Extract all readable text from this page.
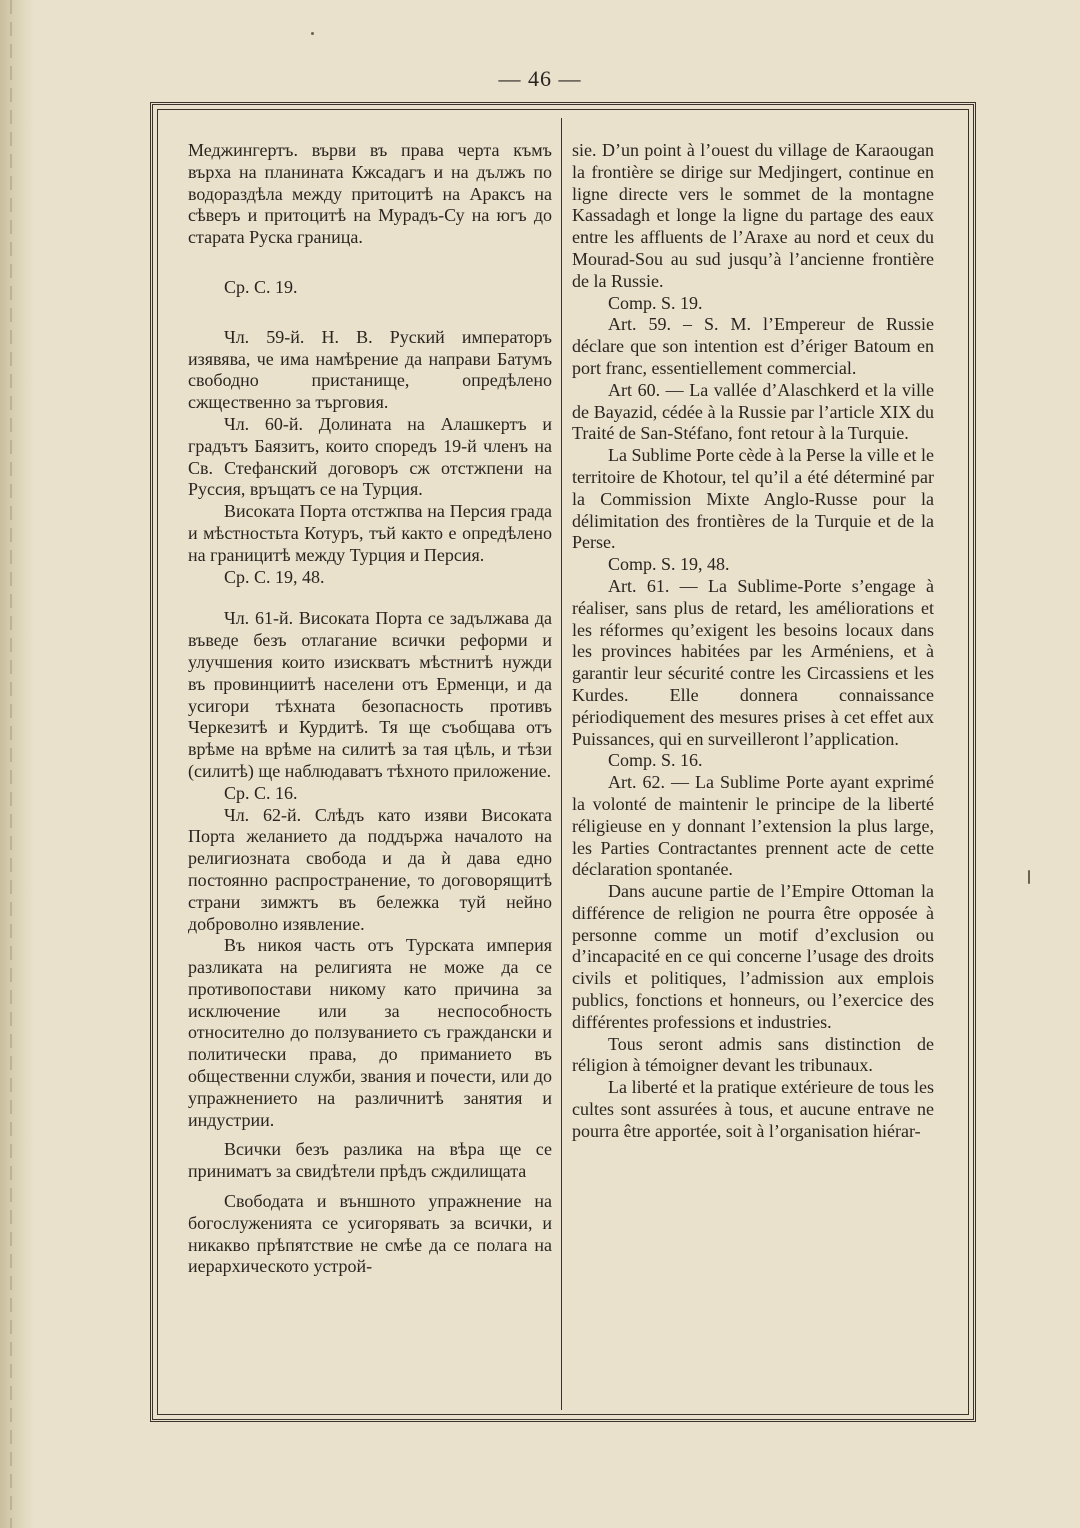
— 46 —

Меджингертъ. върви въ права черта къмъ върха на планината Кжсадагъ и на дължъ по водораздѣла между притоцитѣ на Араксъ на сѣверъ и притоцитѣ на Мурадъ-Су на югъ до старата Руска граница.

Ср. С. 19.

Чл. 59-й. Н. В. Руский императоръ изявява, че има намѣрение да направи Батумъ свободно пристанище, опредѣлено сжщественно за търговия.

Чл. 60-й. Долината на Алашкертъ и градътъ Баязитъ, които споредъ 19-й членъ на Св. Стефанский договоръ сж отстжпени на Руссия, връщатъ се на Турция.

Високата Порта отстжпва на Персия града и мѣстностьта Котуръ, тъй както е опредѣлено на границитѣ между Турция и Персия.

Ср. С. 19, 48.

Чл. 61-й. Високата Порта се задължава да въведе безъ отлагание всички реформи и улучшения които изискватъ мѣстнитѣ нужди въ провинциитѣ населени отъ Ерменци, и да усигори тѣхната безопасность противъ Черкезитѣ и Курдитѣ. Тя ще съобщава отъ врѣме на врѣме на силитѣ за тая цѣль, и тѣзи (силитѣ) ще наблюдаватъ тѣхното приложение.

Ср. С. 16.

Чл. 62-й. Слѣдъ като изяви Високата Порта желанието да поддържа началото на религиозната свобода и да ѝ дава едно постоянно распространение, то договорящитѣ страни зимжтъ въ бележка туй нейно доброволно изявление.

Въ никоя часть отъ Турската империя разликата на религията не може да се противопостави никому като причина за исключение или за неспособность относително до ползуванието съ граждански и политически права, до приманието въ общественни служби, звания и почести, или до упражнението на различнитѣ занятия и индустрии.

Всички безъ разлика на вѣра ще се приниматъ за свидѣтели прѣдъ сждилищата

Свободата и външното упражнение на богослуженията се усигорявать за всички, и никакво прѣпятствие не смѣе да се полага на иерархическото устрой-

sie. D’un point à l’ouest du village de Karaougan la frontière se dirige sur Medjingert, continue en ligne directe vers le sommet de la montagne Kassadagh et longe la ligne du partage des eaux entre les affluents de l’Araxe au nord et ceux du Mourad-Sou au sud jusqu’à l’ancienne frontière de la Russie.

Comp. S. 19.

Art. 59. – S. M. l’Empereur de Russie déclare que son intention est d’ériger Batoum en port franc, essentiellement commercial.

Art 60. — La vallée d’Alaschkerd et la ville de Bayazid, cédée à la Russie par l’article XIX du Traité de San-Stéfano, font retour à la Turquie.

La Sublime Porte cède à la Perse la ville et le territoire de Khotour, tel qu’il a été déterminé par la Commission Mixte Anglo-Russe pour la délimitation des frontières de la Turquie et de la Perse.

Comp. S. 19, 48.

Art. 61. — La Sublime-Porte s’engage à réaliser, sans plus de retard, les améliorations et les réformes qu’exigent les besoins locaux dans les provinces habitées par les Arméniens, et à garantir leur sécurité contre les Circassiens et les Kurdes. Elle donnera connaissance périodiquement des mesures prises à cet effet aux Puissances, qui en surveilleront l’application.

Comp. S. 16.

Art. 62. — La Sublime Porte ayant exprimé la volonté de maintenir le principe de la liberté réligieuse en y donnant l’extension la plus large, les Parties Contractantes prennent acte de cette déclaration spontanée.

Dans aucune partie de l’Empire Ottoman la différence de religion ne pourra être opposée à personne comme un motif d’exclusion ou d’incapacité en ce qui concerne l’usage des droits civils et politiques, l’admission aux emplois publics, fonctions et honneurs, ou l’exercice des différentes professions et industries.

Tous seront admis sans distinction de réligion à témoigner devant les tribunaux.

La liberté et la pratique extérieure de tous les cultes sont assurées à tous, et aucune entrave ne pourra être apportée, soit à l’organisation hiérar-
